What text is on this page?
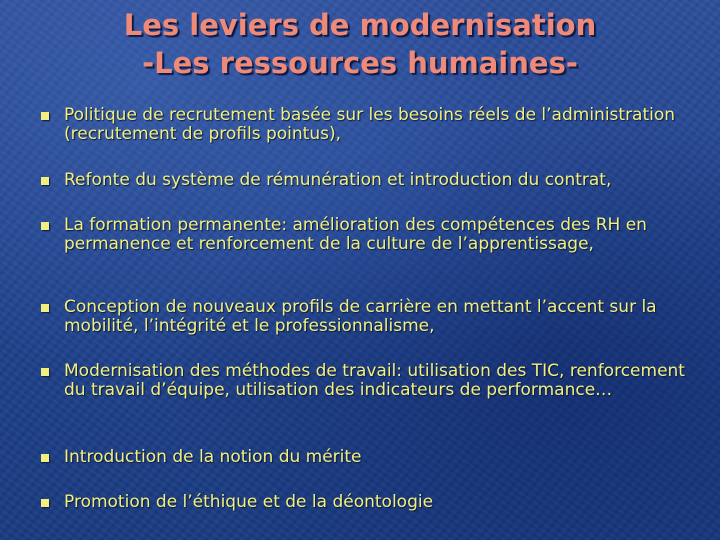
Les leviers de modernisation
-Les ressources humaines-
Politique de recrutement basée sur les besoins réels de l’administration (recrutement de profils pointus),
Refonte du système de rémunération et introduction du contrat,
La formation permanente: amélioration des compétences des RH en permanence et renforcement de la culture de l’apprentissage,
Conception de nouveaux profils de carrière en mettant l’accent sur la mobilité, l’intégrité et le professionnalisme,
Modernisation des méthodes de travail: utilisation des TIC, renforcement du travail d’équipe, utilisation des indicateurs de performance…
Introduction de la notion du mérite
Promotion de l’éthique et de la déontologie
